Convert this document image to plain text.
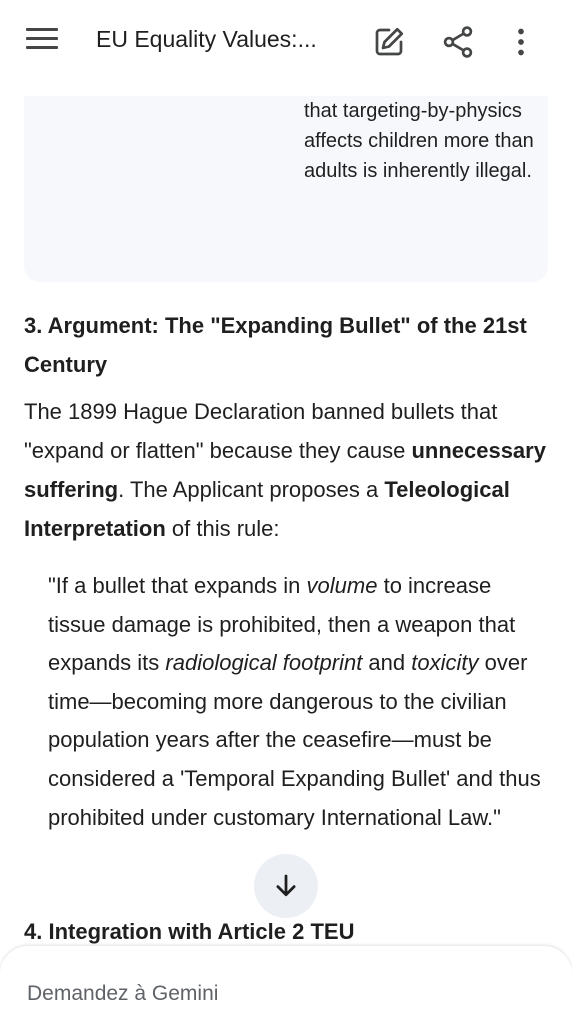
EU Equality Values:...
that targeting-by-physics affects children more than adults is inherently illegal.
3. Argument: The "Expanding Bullet" of the 21st Century
The 1899 Hague Declaration banned bullets that "expand or flatten" because they cause unnecessary suffering. The Applicant proposes a Teleological Interpretation of this rule:
"If a bullet that expands in volume to increase tissue damage is prohibited, then a weapon that expands its radiological footprint and toxicity over time—becoming more dangerous to the civilian population years after the ceasefire—must be considered a 'Temporal Expanding Bullet' and thus prohibited under customary International Law."
4. Integration with Article 2 TEU
Demandez à Gemini
